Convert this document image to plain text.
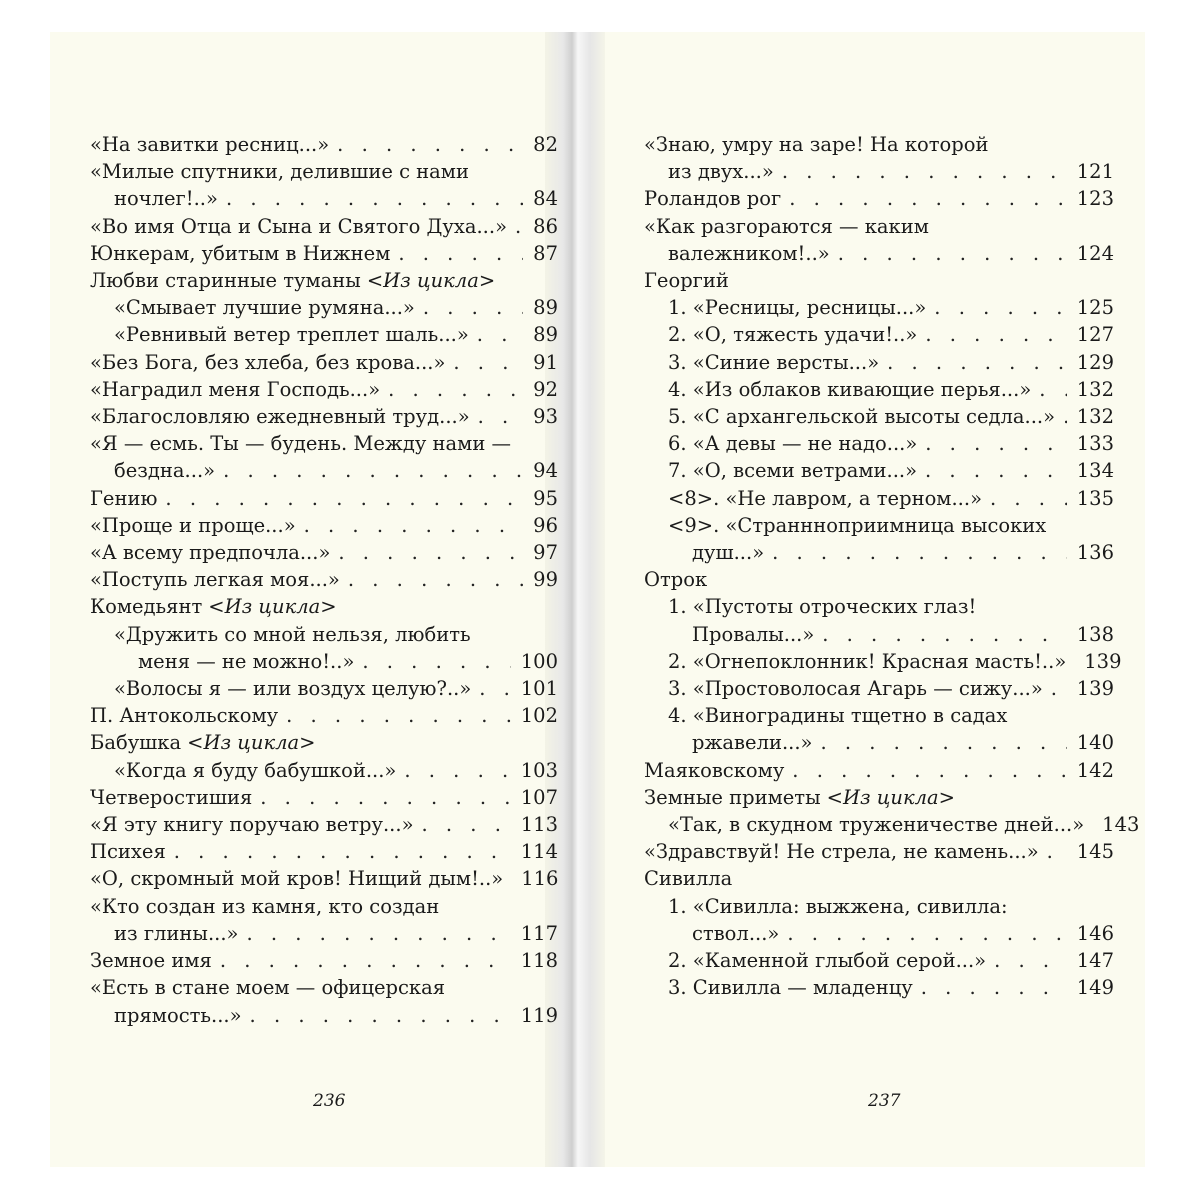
«На завитки ресниц...» . . .	82
«Милые спутники, делившие с нами
ночлег!..» . . .	84
«Во имя Отца и Сына и Святого Духа...» . . . 86
Юнкерам, убитым в Нижнем . . .	87
Любви старинные туманы <Из цикла>
«Смывает лучшие румяна...» . . .	89
«Ревнивый ветер треплет шаль...» . . .	89
«Без Бога, без хлеба, без крова...» . . .	91
«Наградил меня Господь...» . . .	92
«Благословляю ежедневный труд...» . . .	93
«Я — есмь. Ты — будень. Между нами —
бездна...» . . .	94
Гению . . .	95
«Проще и проще...» . . .	96
«А всему предпочла...» . . .	97
«Поступь легкая моя...» . . .	99
Комедьянт <Из цикла>
«Дружить со мной нельзя, любить
меня — не можно!..» . . .	100
«Волосы я — или воздух целую?..» . . .	101
П. Антокольскому . . .	102
Бабушка <Из цикла>
«Когда я буду бабушкой...» . . .	103
Четверостишия . . .	107
«Я эту книгу поручаю ветру...» . . .	113
Психея . . .	114
«О, скромный мой кров! Нищий дым!..» 116
«Кто создан из камня, кто создан
из глины...» . . .	117
Земное имя . . .	118
«Есть в стане моем — офицерская
прямость...» . . .	119
«Знаю, умру на заре! На которой
из двух...» . . .	121
Роландов рог . . .	123
«Как разгораются — каким
валежником!..» . . .	124
Георгий
1. «Ресницы, ресницы...» . . .	125
2. «О, тяжесть удачи!..» . . .	127
3. «Синие версты...» . . .	129
4. «Из облаков кивающие перья...» . . . 132
5. «С архангельской высоты седла...» . . . 132
6. «А девы — не надо...» . . .	133
7. «О, всеми ветрами...» . . .	134
<8>. «Не лавром, а терном...» . . .	135
<9>. «Страннноприимница высоких
душ...» . . .	136
Отрок
1. «Пустоты отроческих глаз!
Провалы...» . . .	138
2. «Огнепоклонник! Красная масть!..» 139
3. «Простоволосая Агарь — сижу...» . . . 139
4. «Виноградины тщетно в садах
ржавели...» . . .	140
Маяковскому . . .	142
Земные приметы <Из цикла>
«Так, в скудном труженичестве дней...» 143
«Здравствуй! Не стрела, не камень...» . . . 145
Сивилла
1. «Сивилла: выжжена, сивилла:
ствол...» . . .	146
2. «Каменной глыбой серой...» . . .	147
3. Сивилла — младенцу . . .	149
236	237
